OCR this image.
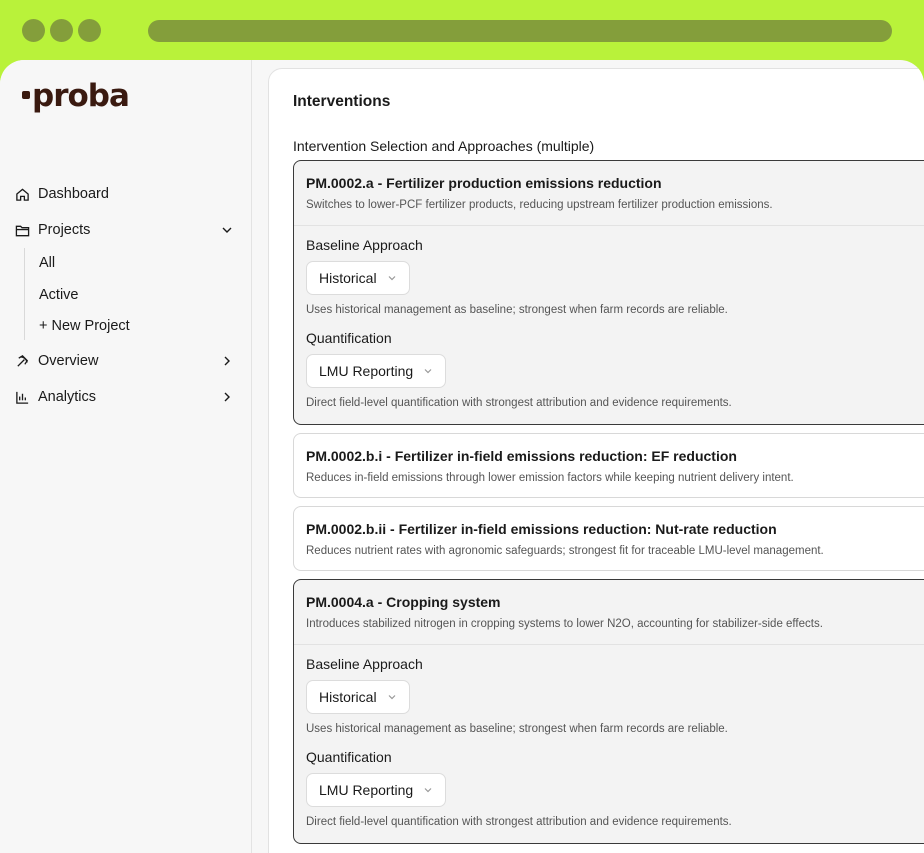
proba
Dashboard
Projects
All
Active
+ New Project
Overview
Analytics
Interventions
Intervention Selection and Approaches (multiple)
PM.0002.a - Fertilizer production emissions reduction
Switches to lower-PCF fertilizer products, reducing upstream fertilizer production emissions.
Baseline Approach
Historical
Uses historical management as baseline; strongest when farm records are reliable.
Quantification
LMU Reporting
Direct field-level quantification with strongest attribution and evidence requirements.
PM.0002.b.i - Fertilizer in-field emissions reduction: EF reduction
Reduces in-field emissions through lower emission factors while keeping nutrient delivery intent.
PM.0002.b.ii - Fertilizer in-field emissions reduction: Nut-rate reduction
Reduces nutrient rates with agronomic safeguards; strongest fit for traceable LMU-level management.
PM.0004.a - Cropping system
Introduces stabilized nitrogen in cropping systems to lower N2O, accounting for stabilizer-side effects.
Baseline Approach
Historical
Uses historical management as baseline; strongest when farm records are reliable.
Quantification
LMU Reporting
Direct field-level quantification with strongest attribution and evidence requirements.
